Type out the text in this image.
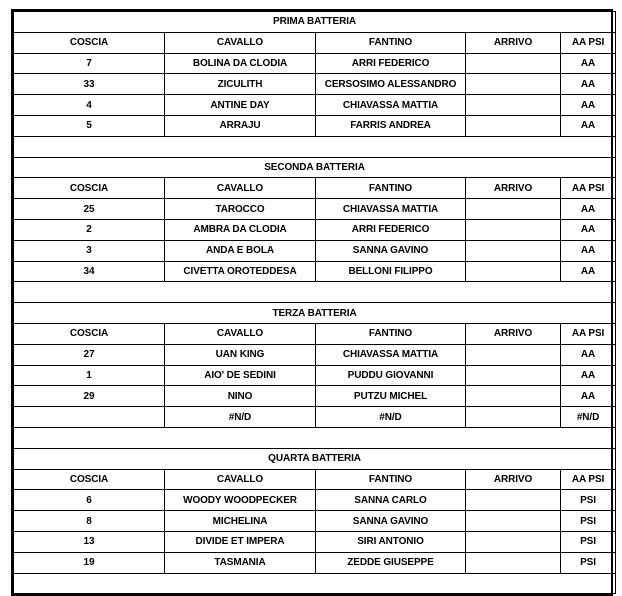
PRIMA BATTERIA				
COSCIA	CAVALLO	FANTINO	ARRIVO	AA PSI
7	BOLINA DA CLODIA	ARRI FEDERICO		AA
33	ZICULITH	CERSOSIMO ALESSANDRO		AA
4	ANTINE DAY	CHIAVASSA MATTIA		AA
5	ARRAJU	FARRIS ANDREA		AA

SECONDA BATTERIA				
COSCIA	CAVALLO	FANTINO	ARRIVO	AA PSI
25	TAROCCO	CHIAVASSA MATTIA		AA
2	AMBRA DA CLODIA	ARRI FEDERICO		AA
3	ANDA E BOLA	SANNA GAVINO		AA
34	CIVETTA OROTEDDESA	BELLONI FILIPPO		AA

TERZA BATTERIA				
COSCIA	CAVALLO	FANTINO	ARRIVO	AA PSI
27	UAN KING	CHIAVASSA MATTIA		AA
1	AIO' DE SEDINI	PUDDU GIOVANNI		AA
29	NINO	PUTZU MICHEL		AA
	#N/D	#N/D		#N/D

QUARTA BATTERIA				
COSCIA	CAVALLO	FANTINO	ARRIVO	AA PSI
6	WOODY WOODPECKER	SANNA CARLO		PSI
8	MICHELINA	SANNA GAVINO		PSI
13	DIVIDE ET IMPERA	SIRI ANTONIO		PSI
19	TASMANIA	ZEDDE GIUSEPPE		PSI
